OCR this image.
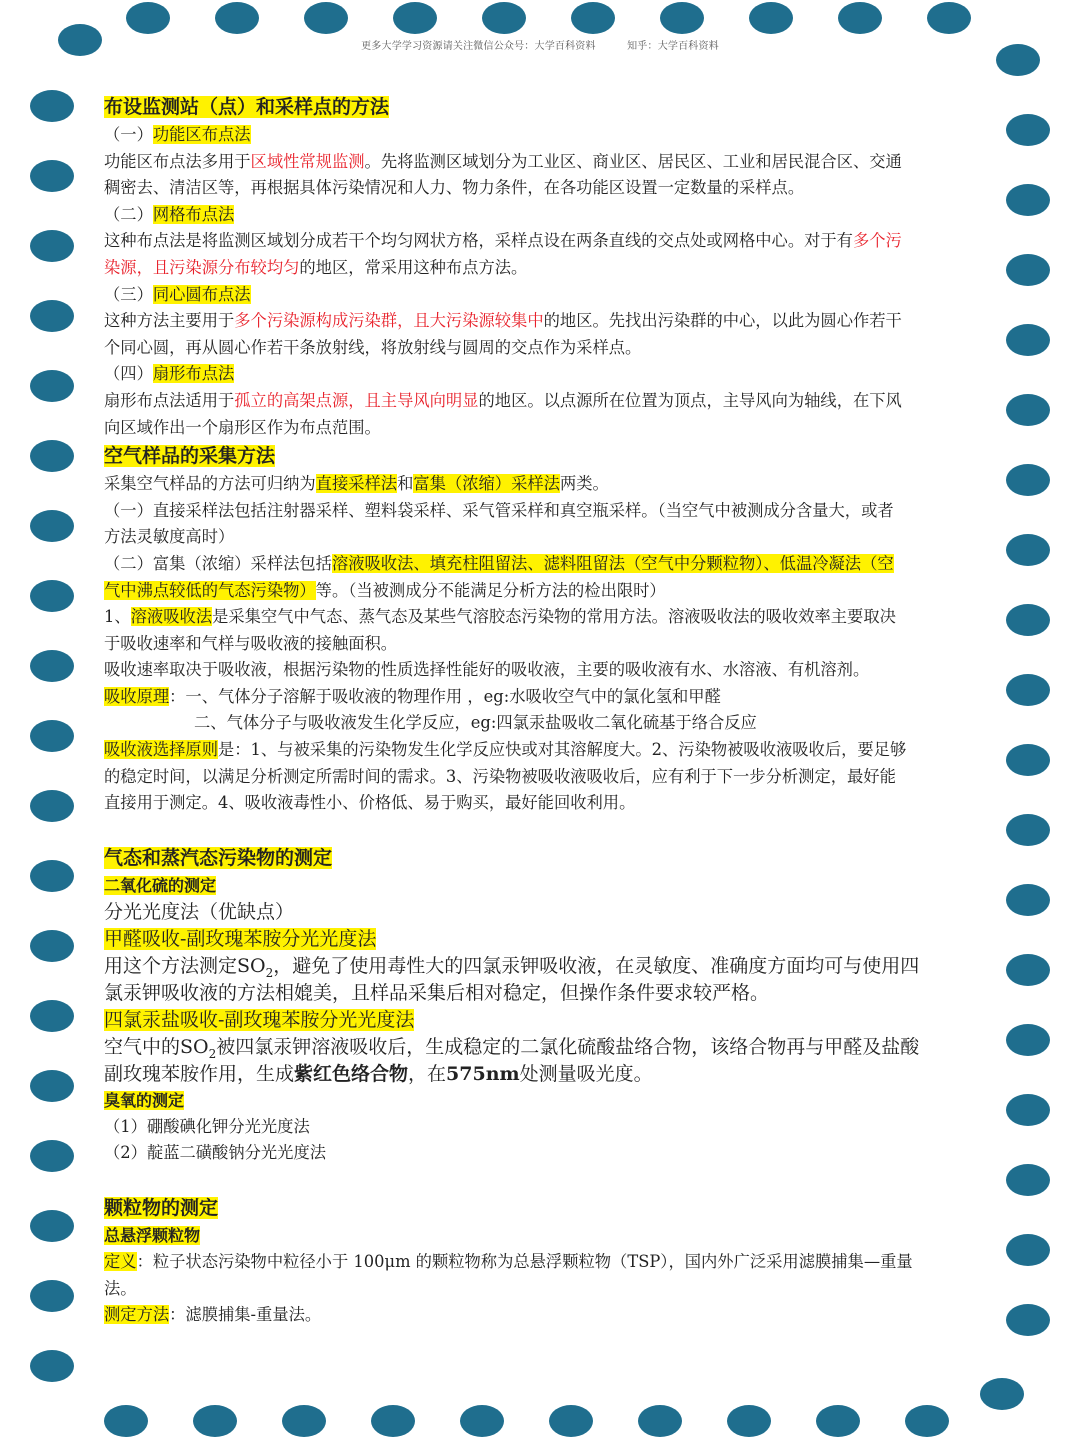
更多大学学习资源请关注微信公众号：大学百科资料	知乎：大学百科资料
布设监测站（点）和采样点的方法
（一）功能区布点法
功能区布点法多用于区域性常规监测。先将监测区域划分为工业区、商业区、居民区、工业和居民混合区、交通
稠密去、清洁区等，再根据具体污染情况和人力、物力条件，在各功能区设置一定数量的采样点。
（二）网格布点法
这种布点法是将监测区域划分成若干个均匀网状方格，采样点设在两条直线的交点处或网格中心。对于有多个污
染源，且污染源分布较均匀的地区，常采用这种布点方法。
（三）同心圆布点法
这种方法主要用于多个污染源构成污染群，且大污染源较集中的地区。先找出污染群的中心，以此为圆心作若干
个同心圆，再从圆心作若干条放射线，将放射线与圆周的交点作为采样点。
（四）扇形布点法
扇形布点法适用于孤立的高架点源，且主导风向明显的地区。以点源所在位置为顶点，主导风向为轴线，在下风
向区域作出一个扇形区作为布点范围。
空气样品的采集方法
采集空气样品的方法可归纳为直接采样法和富集（浓缩）采样法两类。
（一）直接采样法包括注射器采样、塑料袋采样、采气管采样和真空瓶采样。（当空气中被测成分含量大，或者
方法灵敏度高时）
（二）富集（浓缩）采样法包括溶液吸收法、填充柱阻留法、滤料阻留法（空气中分颗粒物）、低温冷凝法（空
气中沸点较低的气态污染物）等。（当被测成分不能满足分析方法的检出限时）
1、溶液吸收法是采集空气中气态、蒸气态及某些气溶胶态污染物的常用方法。溶液吸收法的吸收效率主要取决
于吸收速率和气样与吸收液的接触面积。
吸收速率取决于吸收液，根据污染物的性质选择性能好的吸收液，主要的吸收液有水、水溶液、有机溶剂。
吸收原理：一、气体分子溶解于吸收液的物理作用 ，eg:水吸收空气中的氯化氢和甲醛
二、气体分子与吸收液发生化学反应，eg:四氯汞盐吸收二氧化硫基于络合反应
吸收液选择原则是：1、与被采集的污染物发生化学反应快或对其溶解度大。2、污染物被吸收液吸收后，要足够
的稳定时间，以满足分析测定所需时间的需求。3、污染物被吸收液吸收后，应有利于下一步分析测定，最好能
直接用于测定。4、吸收液毒性小、价格低、易于购买，最好能回收利用。
气态和蒸汽态污染物的测定
二氧化硫的测定
分光光度法（优缺点）
甲醛吸收-副玫瑰苯胺分光光度法
用这个方法测定$SO_2$，避免了使用毒性大的四氯汞钾吸收液，在灵敏度、准确度方面均可与使用四
氯汞钾吸收液的方法相媲美，且样品采集后相对稳定，但操作条件要求较严格。
四氯汞盐吸收-副玫瑰苯胺分光光度法
空气中的$SO_2$被四氯汞钾溶液吸收后，生成稳定的二氯化硫酸盐络合物，该络合物再与甲醛及盐酸
副玫瑰苯胺作用，生成紫红色络合物，在575nm处测量吸光度。
臭氧的测定
（1）硼酸碘化钾分光光度法
（2）靛蓝二磺酸钠分光光度法
颗粒物的测定
总悬浮颗粒物
定义：粒子状态污染物中粒径小于 100μm 的颗粒物称为总悬浮颗粒物（TSP），国内外广泛采用滤膜捕集—重量
法。
测定方法：滤膜捕集-重量法。
